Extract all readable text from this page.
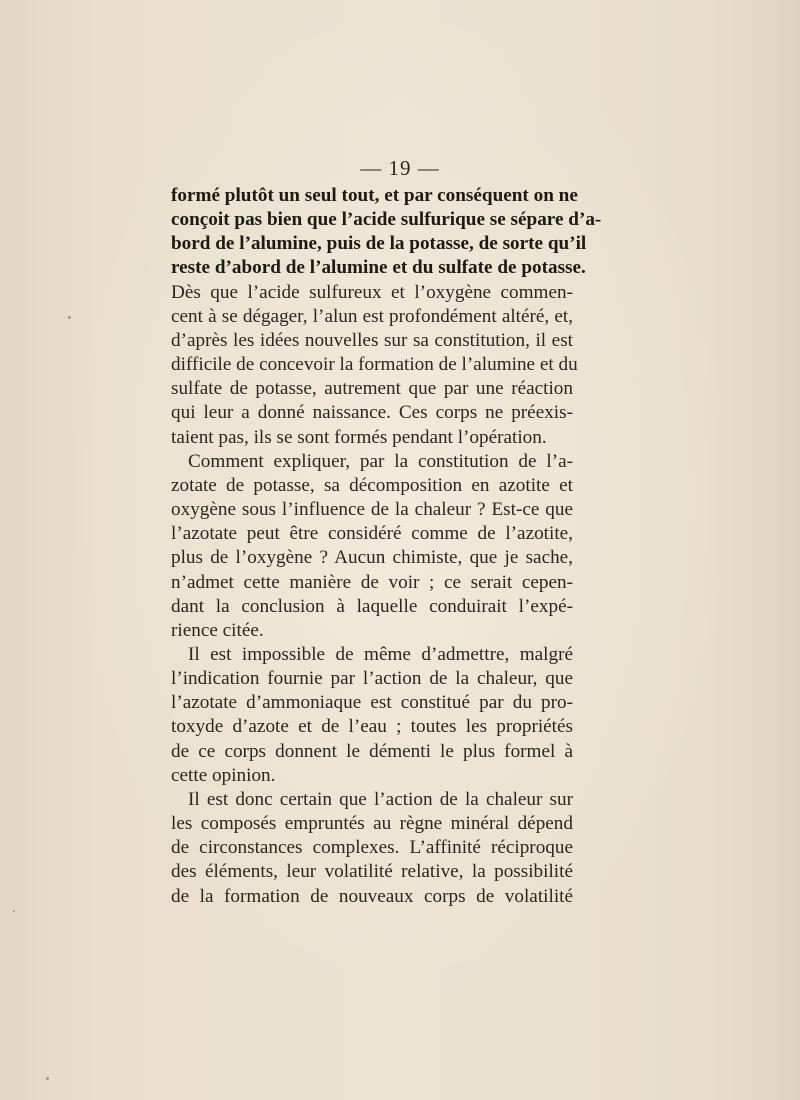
— 19 —
formé plutôt un seul tout, et par conséquent on ne
conçoit pas bien que l’acide sulfurique se sépare d’a-
bord de l’alumine, puis de la potasse, de sorte qu’il
reste d’abord de l’alumine et du sulfate de potasse.
Dès que l’acide sulfureux et l’oxygène commen-
cent à se dégager, l’alun est profondément altéré, et,
d’après les idées nouvelles sur sa constitution, il est
difficile de concevoir la formation de l’alumine et du
sulfate de potasse, autrement que par une réaction
qui leur a donné naissance. Ces corps ne préexis-
taient pas, ils se sont formés pendant l’opération.
Comment expliquer, par la constitution de l’a-
zotate de potasse, sa décomposition en azotite et
oxygène sous l’influence de la chaleur ? Est-ce que
l’azotate peut être considéré comme de l’azotite,
plus de l’oxygène ? Aucun chimiste, que je sache,
n’admet cette manière de voir ; ce serait cepen-
dant la conclusion à laquelle conduirait l’expé-
rience citée.
Il est impossible de même d’admettre, malgré
l’indication fournie par l’action de la chaleur, que
l’azotate d’ammoniaque est constitué par du pro-
toxyde d’azote et de l’eau ; toutes les propriétés
de ce corps donnent le démenti le plus formel à
cette opinion.
Il est donc certain que l’action de la chaleur sur
les composés empruntés au règne minéral dépend
de circonstances complexes. L’affinité réciproque
des éléments, leur volatilité relative, la possibilité
de la formation de nouveaux corps de volatilité
